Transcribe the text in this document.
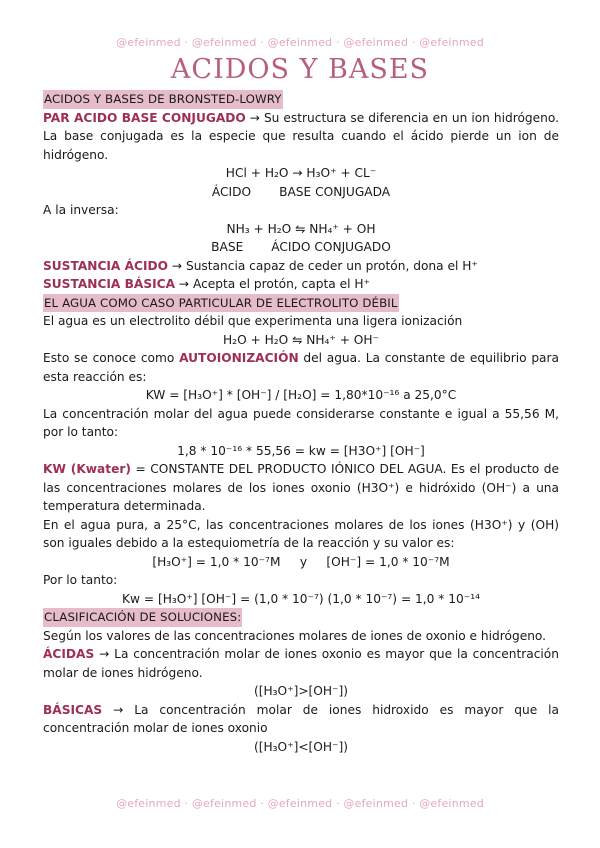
@efeinmed · @efeinmed · @efeinmed · @efeinmed · @efeinmed
ACIDOS Y BASES

ACIDOS Y BASES DE BRONSTED-LOWRY

PAR ACIDO BASE CONJUGADO → Su estructura se diferencia en un ion hidrógeno. La base conjugada es la especie que resulta cuando el ácido pierde un ion de hidrógeno.

HCl + H₂O → H₃O⁺ + CL⁻

ÁCIDO BASE CONJUGADA

A la inversa:

NH₃ + H₂O ⇋ NH₄⁺ + OH

BASE ÁCIDO CONJUGADO

SUSTANCIA ÁCIDO → Sustancia capaz de ceder un protón, dona el H⁺

SUSTANCIA BÁSICA → Acepta el protón, capta el H⁺

EL AGUA COMO CASO PARTICULAR DE ELECTROLITO DÉBIL

El agua es un electrolito débil que experimenta una ligera ionización

H₂O + H₂O ⇋ NH₄⁺ + OH⁻

Esto se conoce como AUTOIONIZACIÓN del agua. La constante de equilibrio para esta reacción es:

KW = [H₃O⁺] * [OH⁻] / [H₂O] = 1,80*10⁻¹⁶ a 25,0°C

La concentración molar del agua puede considerarse constante e igual a 55,56 M, por lo tanto:

1,8 * 10⁻¹⁶ * 55,56 = kw = [H3O⁺] [OH⁻]

KW (Kwater) = CONSTANTE DEL PRODUCTO IÓNICO DEL AGUA. Es el producto de las concentraciones molares de los iones oxonio (H3O⁺) e hidróxido (OH⁻) a una temperatura determinada.

En el agua pura, a 25°C, las concentraciones molares de los iones (H3O⁺) y (OH) son iguales debido a la estequiometría de la reacción y su valor es:

[H₃O⁺] = 1,0 * 10⁻⁷M     y     [OH⁻] = 1,0 * 10⁻⁷M

Por lo tanto:

Kw = [H₃O⁺] [OH⁻] = (1,0 * 10⁻⁷) (1,0 * 10⁻⁷) = 1,0 * 10⁻¹⁴

CLASIFICACIÓN DE SOLUCIONES:

Según los valores de las concentraciones molares de iones de oxonio e hidrógeno.

ÁCIDAS → La concentración molar de iones oxonio es mayor que la concentración molar de iones hidrógeno.

([H₃O⁺]>[OH⁻])

BÁSICAS → La concentración molar de iones hidroxido es mayor que la concentración molar de iones oxonio

([H₃O⁺]<[OH⁻])

@efeinmed · @efeinmed · @efeinmed · @efeinmed · @efeinmed
